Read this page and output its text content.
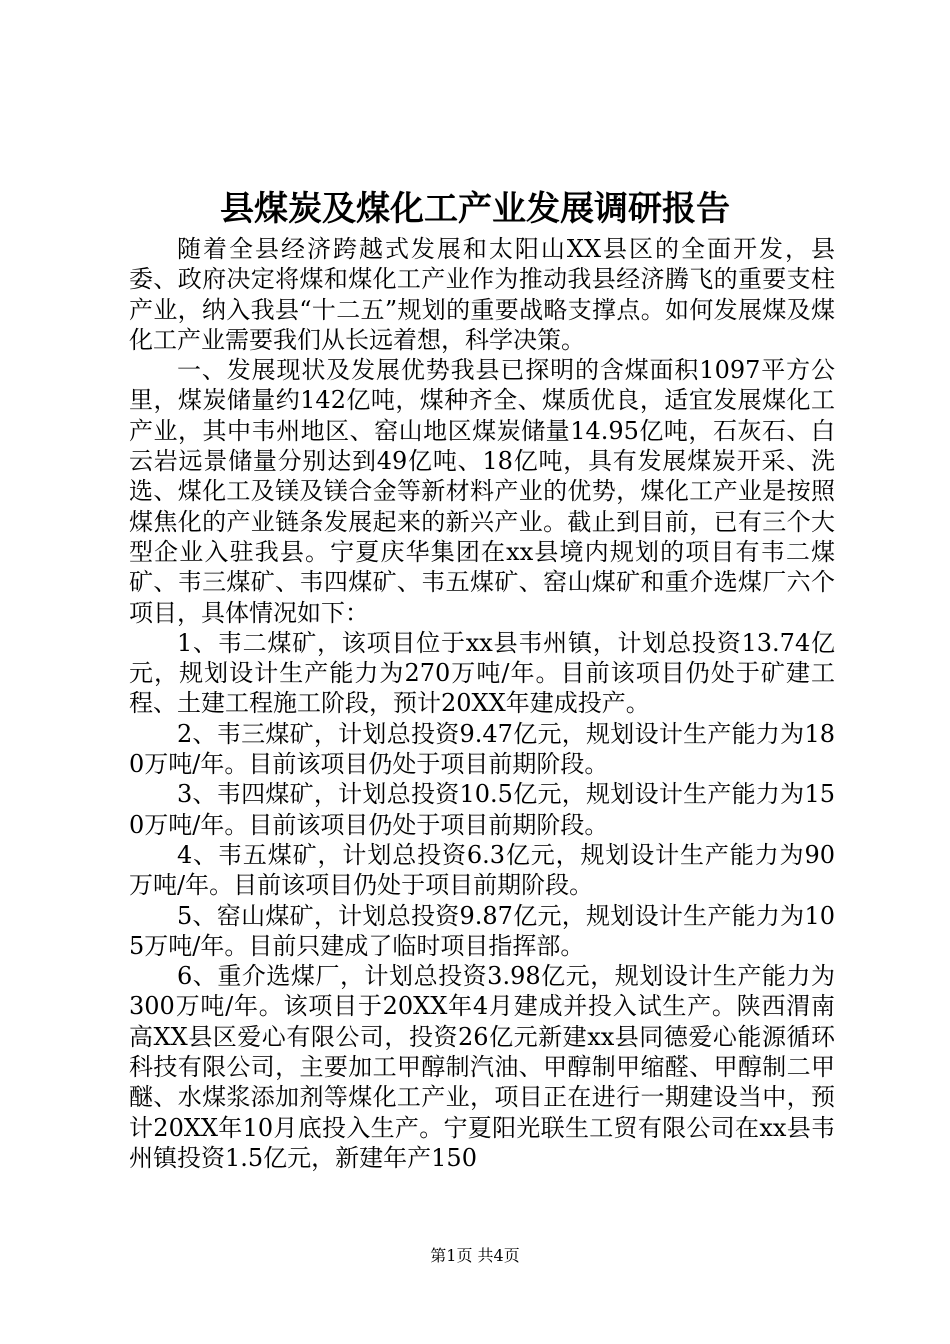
县煤炭及煤化工产业发展调研报告

随着全县经济跨越式发展和太阳山XX县区的全面开发，县委、政府决定将煤和煤化工产业作为推动我县经济腾飞的重要支柱产业，纳入我县“十二五”规划的重要战略支撑点。如何发展煤及煤化工产业需要我们从长远着想，科学决策。

一、发展现状及发展优势我县已探明的含煤面积1097平方公里，煤炭储量约142亿吨，煤种齐全、煤质优良，适宜发展煤化工产业，其中韦州地区、窑山地区煤炭储量14.95亿吨，石灰石、白云岩远景储量分别达到49亿吨、18亿吨，具有发展煤炭开采、洗选、煤化工及镁及镁合金等新材料产业的优势，煤化工产业是按照煤焦化的产业链条发展起来的新兴产业。截止到目前，已有三个大型企业入驻我县。宁夏庆华集团在xx县境内规划的项目有韦二煤矿、韦三煤矿、韦四煤矿、韦五煤矿、窑山煤矿和重介选煤厂六个项目，具体情况如下：

1、韦二煤矿，该项目位于xx县韦州镇，计划总投资13.74亿元，规划设计生产能力为270万吨/年。目前该项目仍处于矿建工程、土建工程施工阶段，预计20XX年建成投产。

2、韦三煤矿，计划总投资9.47亿元，规划设计生产能力为180万吨/年。目前该项目仍处于项目前期阶段。

3、韦四煤矿，计划总投资10.5亿元，规划设计生产能力为150万吨/年。目前该项目仍处于项目前期阶段。

4、韦五煤矿，计划总投资6.3亿元，规划设计生产能力为90万吨/年。目前该项目仍处于项目前期阶段。

5、窑山煤矿，计划总投资9.87亿元，规划设计生产能力为105万吨/年。目前只建成了临时项目指挥部。

6、重介选煤厂，计划总投资3.98亿元，规划设计生产能力为300万吨/年。该项目于20XX年4月建成并投入试生产。陕西渭南高XX县区爱心有限公司，投资26亿元新建xx县同德爱心能源循环科技有限公司，主要加工甲醇制汽油、甲醇制甲缩醛、甲醇制二甲醚、水煤浆添加剂等煤化工产业，项目正在进行一期建设当中，预计20XX年10月底投入生产。宁夏阳光联生工贸有限公司在xx县韦州镇投资1.5亿元，新建年产150

第1页 共4页
